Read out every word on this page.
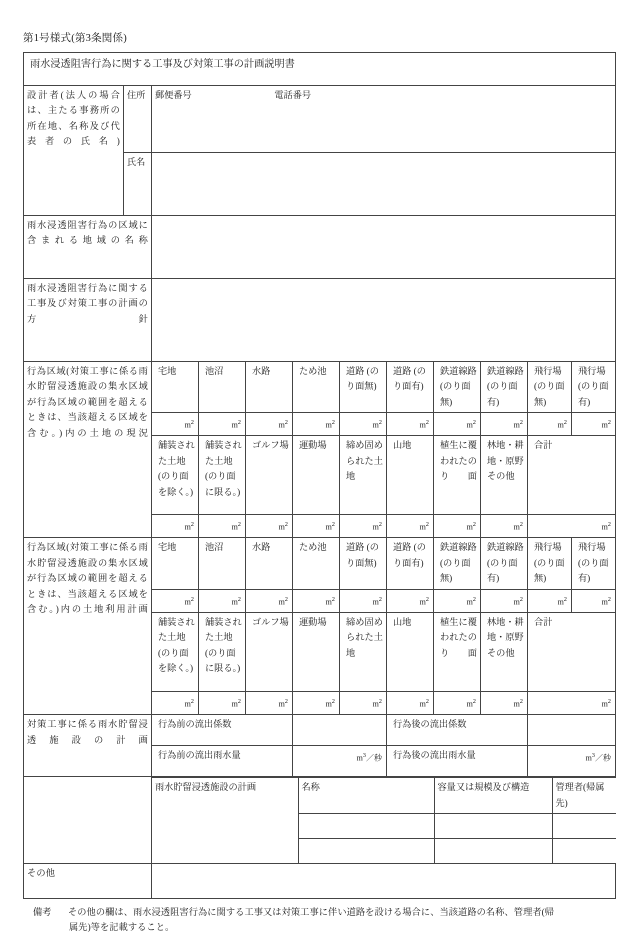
第1号様式(第3条関係)
雨水浸透阻害行為に関する工事及び対策工事の計画説明書
設計者(法人の場合は、主たる事務所の所在地、名称及び代表者の氏名)	住所	郵便番号	電話番号
氏名	
雨水浸透阻害行為の区域に含まれる地域の名称	
雨水浸透阻害行為に関する工事及び対策工事の計画の方針	
行為区域(対策工事に係る雨水貯留浸透施設の集水区域が行為区域の範囲を超えるときは、当該超える区域を含む。)内の土地の現況	宅地	池沼	水路	ため池	道路 (のり面無)	道路 (のり面有)	鉄道線路 (のり面無)	鉄道線路 (のり面有)	飛行場 (のり面無)	飛行場 (のり面有)
$m^2$	$m^2$	$m^2$	$m^2$	$m^2$	$m^2$	$m^2$	$m^2$	$m^2$	$m^2$
舗装された土地 (のり面を除く。)	舗装された土地 (のり面に限る。)	ゴルフ場	運動場	締め固められた土地	山地	植生に覆われたのり面	林地・耕地・原野その他	合計
$m^2$	$m^2$	$m^2$	$m^2$	$m^2$	$m^2$	$m^2$	$m^2$	$m^2$
行為区域(対策工事に係る雨水貯留浸透施設の集水区域が行為区域の範囲を超えるときは、当該超える区域を含む。)内の土地利用計画	宅地	池沼	水路	ため池	道路 (のり面無)	道路 (のり面有)	鉄道線路 (のり面無)	鉄道線路 (のり面有)	飛行場 (のり面無)	飛行場 (のり面有)
$m^2$	$m^2$	$m^2$	$m^2$	$m^2$	$m^2$	$m^2$	$m^2$	$m^2$	$m^2$
舗装された土地 (のり面を除く。)	舗装された土地 (のり面に限る。)	ゴルフ場	運動場	締め固められた土地	山地	植生に覆われたのり面	林地・耕地・原野その他	合計
$m^2$	$m^2$	$m^2$	$m^2$	$m^2$	$m^2$	$m^2$	$m^2$	$m^2$
対策工事に係る雨水貯留浸透施設の計画	行為前の流出係数		行為後の流出係数	
行為前の流出雨水量	$m^3/$秒	行為後の流出雨水量	$m^3/$秒

雨水貯留浸透施設の計画	名称	容量又は規模及び構造	管理者(帰属先)

その他	
備考 その他の欄は、雨水浸透阻害行為に関する工事又は対策工事に伴い道路を設ける場合に、当該道路の名称、管理者(帰
属先)等を記載すること。
